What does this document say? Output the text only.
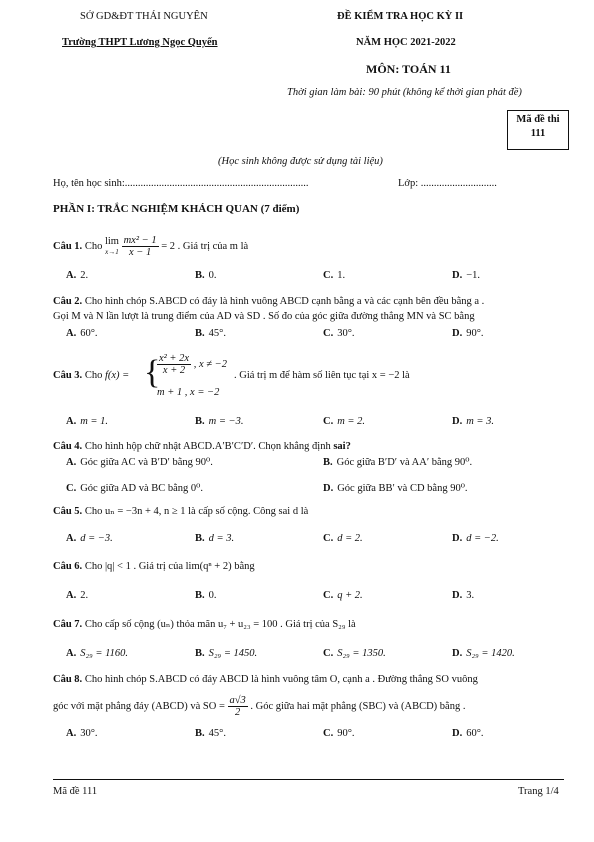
SỞ GD&ĐT THÁI NGUYÊN
Trường THPT Lương Ngọc Quyến
ĐỀ KIỂM TRA HỌC KỲ II
NĂM HỌC 2021-2022
MÔN: TOÁN 11
Thời gian làm bài: 90 phút (không kể thời gian phát đề)
Mã đề thi
111
(Học sinh không được sử dụng tài liệu)
Họ, tên học sinh:......................................................................	Lớp: .............................
PHẦN I: TRẮC NGHIỆM KHÁCH QUAN (7 điểm)
Câu 1. Cho lim
x→1
$\frac{\text{mx² − 1}}{x - 1} = 2$ . Giá trị của m là
A. 2.	B. 0.	C. 1.	D. −1.
Câu 2. Cho hình chóp S.ABCD có đáy là hình vuông ABCD cạnh bằng a và các cạnh bên đều bằng a .
Gọi M và N lần lượt là trung điểm của AD và SD . Số đo của góc giữa đường thẳng MN và SC bằng
A. 60°.	B. 45°.	C. 30°.	D. 90°.
Câu 3. Cho f(x) = {
$\frac{\text{x² + 2x}}{x + 2}$ , x ≠ −2
m + 1 , x = −2
. Giá trị m để hàm số liên tục tại x = −2 là
A. m = 1.	B. m = −3.	C. m = 2.	D. m = 3.
Câu 4. Cho hình hộp chữ nhật ABCD.A′B′C′D′. Chọn khẳng định sai?
A. Góc giữa AC và B′D′ bằng 90⁰.	B. Góc giữa B′D′ và AA′ bằng 90⁰.
C. Góc giữa AD và BC bằng 0⁰.	D. Góc giữa BB′ và CD bằng 90⁰.
Câu 5. Cho uₙ = −3n + 4, n ≥ 1 là cấp số cộng. Công sai d là
A. d = −3.	B. d = 3.	C. d = 2.	D. d = −2.
Câu 6. Cho |q| < 1 . Giá trị của lim(qⁿ + 2) bằng
A. 2.	B. 0.	C. q + 2.	D. 3.
Câu 7. Cho cấp số cộng (uₙ) thỏa mãn u₇ + u₂₃ = 100 . Giá trị của S₂₉ là
A. S₂₉ = 1160.	B. S₂₉ = 1450.	C. S₂₉ = 1350.	D. S₂₉ = 1420.
Câu 8. Cho hình chóp S.ABCD có đáy ABCD là hình vuông tâm O, cạnh a . Đường thẳng SO vuông
góc với mặt phẳng đáy (ABCD) và SO = $\frac{a√3}{2}$ . Góc giữa hai mặt phẳng (SBC) và (ABCD) bằng .
A. 30°.	B. 45°.	C. 90°.	D. 60°.
Mã đề 111	Trang 1/4
